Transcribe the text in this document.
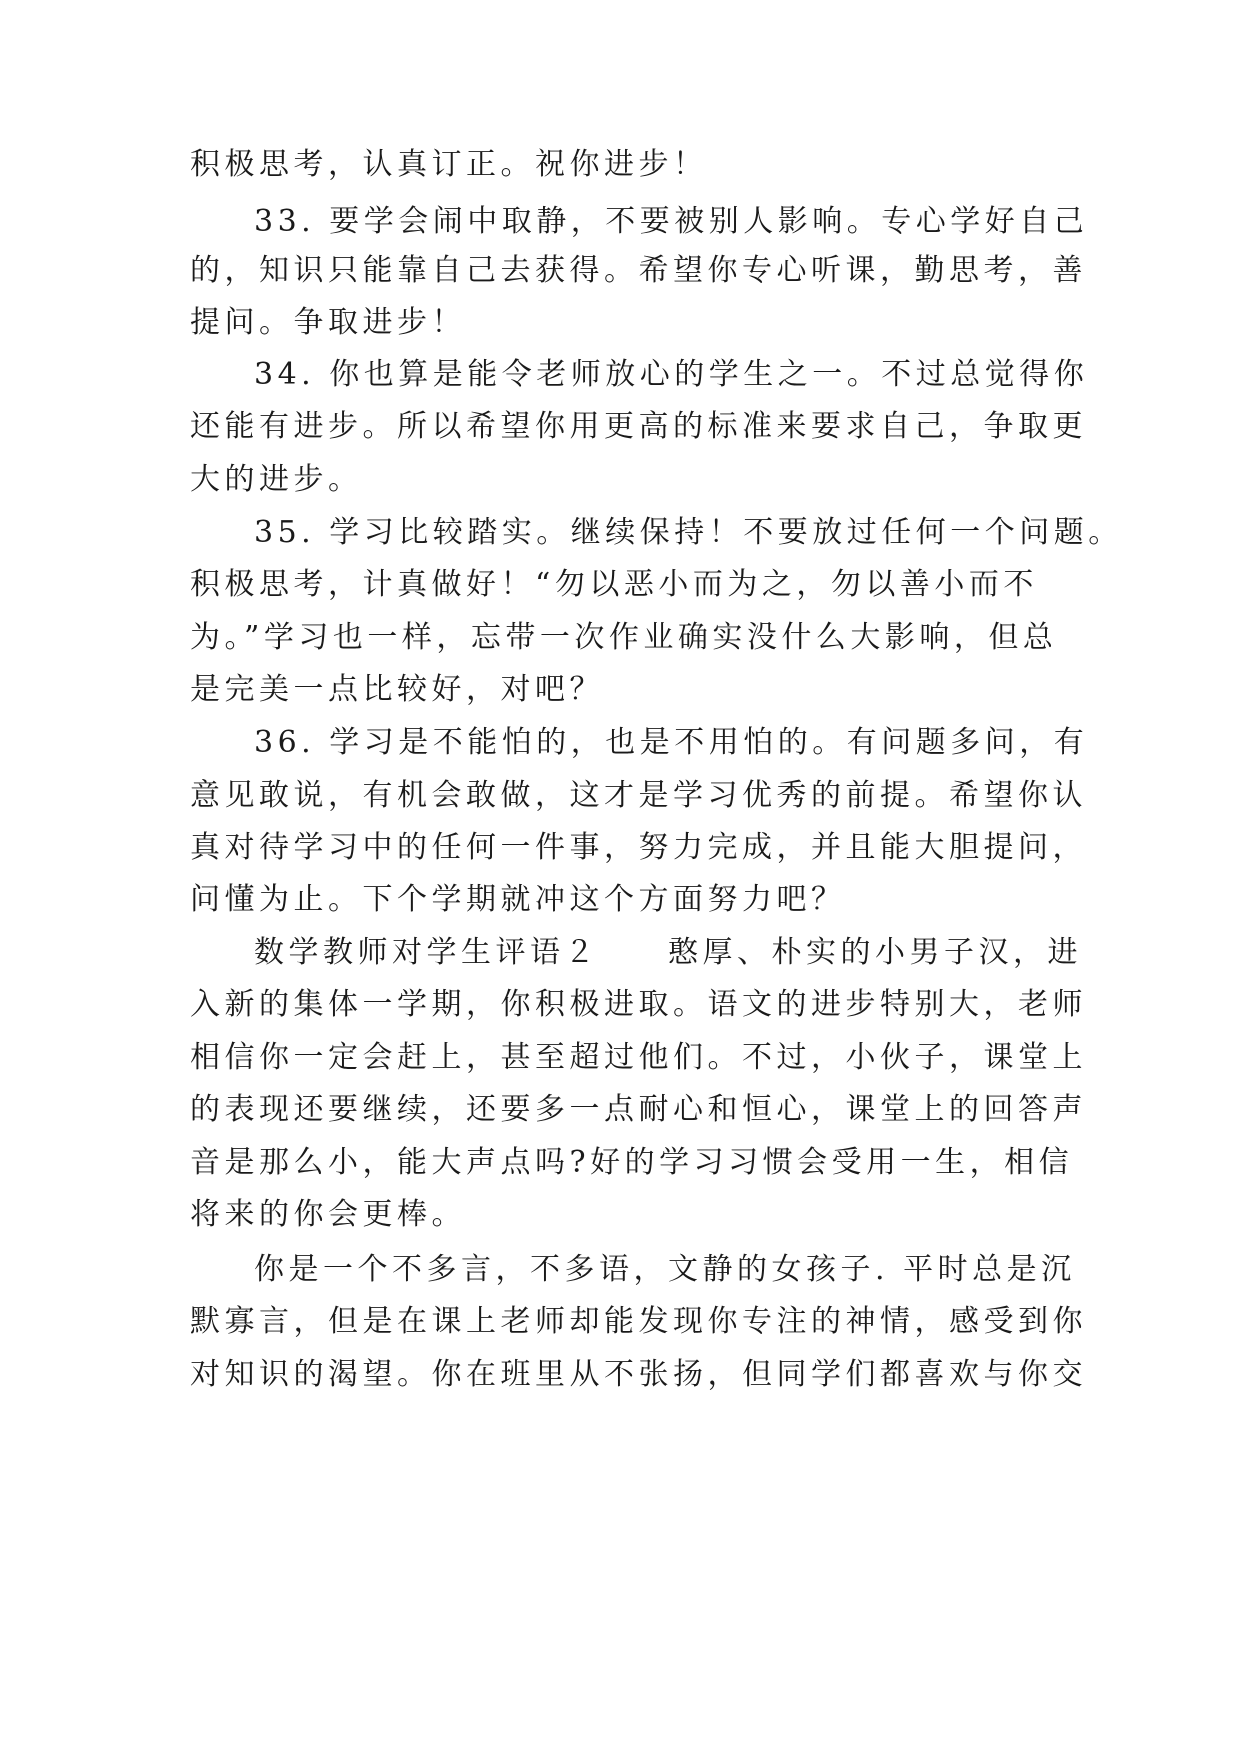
积极思考，认真订正。祝你进步！
33. 要学会闹中取静，不要被别人影响。专心学好自己
的，知识只能靠自己去获得。希望你专心听课，勤思考，善
提问。争取进步！
34. 你也算是能令老师放心的学生之一。不过总觉得你
还能有进步。所以希望你用更高的标准来要求自己，争取更
大的进步。
35. 学习比较踏实。继续保持！不要放过任何一个问题。
积极思考，计真做好！“勿以恶小而为之，勿以善小而不
为。”学习也一样，忘带一次作业确实没什么大影响，但总
是完美一点比较好，对吧？
36. 学习是不能怕的，也是不用怕的。有问题多问，有
意见敢说，有机会敢做，这才是学习优秀的前提。希望你认
真对待学习中的任何一件事，努力完成，并且能大胆提问，
问懂为止。下个学期就冲这个方面努力吧？
数学教师对学生评语２　　憨厚、朴实的小男子汉，进
入新的集体一学期，你积极进取。语文的进步特别大，老师
相信你一定会赶上，甚至超过他们。不过，小伙子，课堂上
的表现还要继续，还要多一点耐心和恒心，课堂上的回答声
音是那么小，能大声点吗?好的学习习惯会受用一生，相信
将来的你会更棒。
你是一个不多言，不多语，文静的女孩子. 平时总是沉
默寡言，但是在课上老师却能发现你专注的神情，感受到你
对知识的渴望。你在班里从不张扬，但同学们都喜欢与你交
